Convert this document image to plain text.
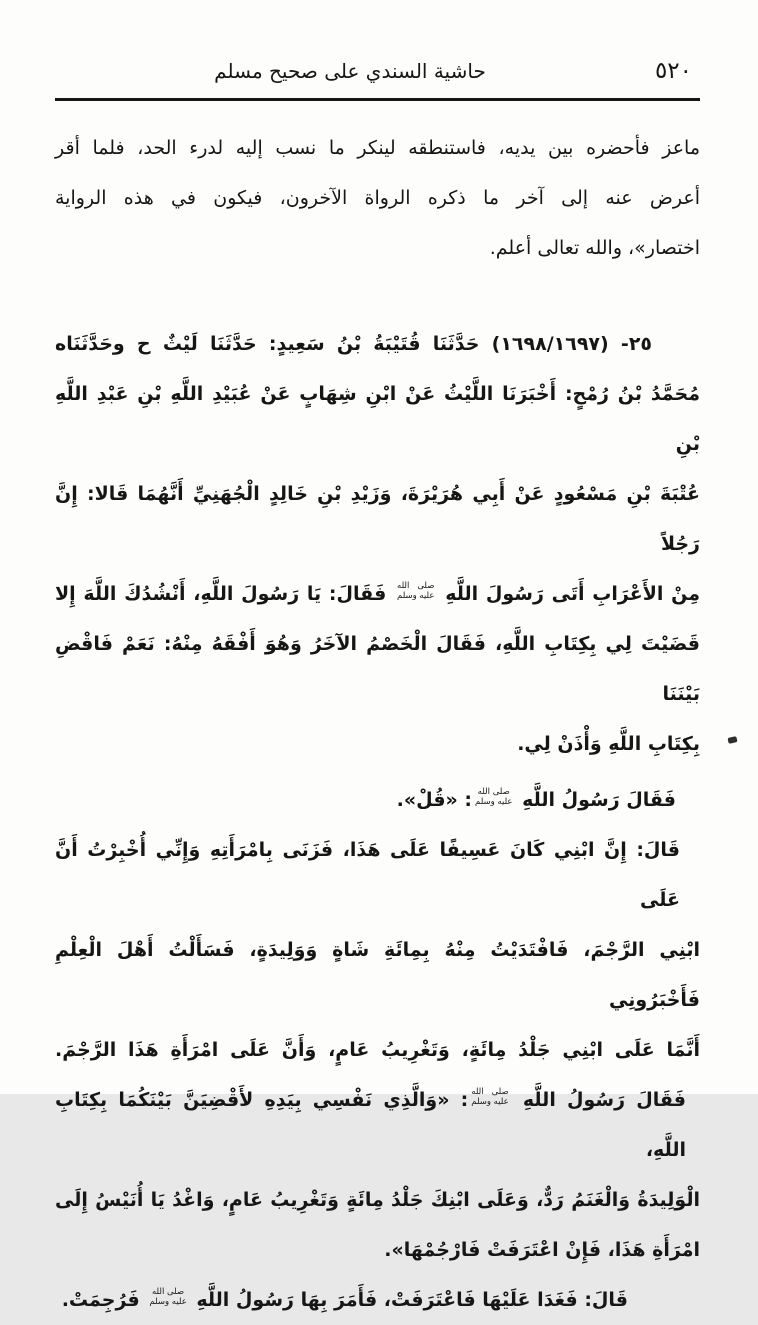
٥٢٠
حاشية السندي على صحيح مسلم
ماعز فأحضره بين يديه، فاستنطقه لينكر ما نسب إليه لدرء الحد، فلما أقر
أعرض عنه إلى آخر ما ذكره الرواة الآخرون، فيكون في هذه الرواية
اختصار»، والله تعالى أعلم.
٢٥- (١٦٩٨/١٦٩٧) حَدَّثَنَا قُتَيْبَةُ بْنُ سَعِيدٍ: حَدَّثَنَا لَيْثٌ ح وحَدَّثَنَاه
مُحَمَّدُ بْنُ رُمْحٍ: أَخْبَرَنَا اللَّيْثُ عَنْ ابْنِ شِهَابٍ عَنْ عُبَيْدِ اللَّهِ بْنِ عَبْدِ اللَّهِ بْنِ
عُتْبَةَ بْنِ مَسْعُودٍ عَنْ أَبِي هُرَيْرَةَ، وَزَيْدِ بْنِ خَالِدٍ الْجُهَنِيِّ أَنَّهُمَا قَالا: إِنَّ رَجُلاً
مِنْ الأَعْرَابِ أَتَى رَسُولَ اللَّهِ
صلى الله
عليه وسلم
فَقَالَ: يَا رَسُولَ اللَّهِ، أَنْشُدُكَ اللَّهَ إِلا
قَضَيْتَ لِي بِكِتَابِ اللَّهِ، فَقَالَ الْخَصْمُ الآخَرُ وَهُوَ أَفْقَهُ مِنْهُ: نَعَمْ فَاقْضِ بَيْنَنَا
بِكِتَابِ اللَّهِ وَأْذَنْ لِي.
فَقَالَ رَسُولُ اللَّهِ
صلى الله
عليه وسلم
: «قُلْ».
قَالَ: إِنَّ ابْنِي كَانَ عَسِيفًا عَلَى هَذَا، فَزَنَى بِامْرَأَتِهِ وَإِنِّي أُخْبِرْتُ أَنَّ عَلَى
ابْنِي الرَّجْمَ، فَافْتَدَيْتُ مِنْهُ بِمِائَةِ شَاةٍ وَوَلِيدَةٍ، فَسَأَلْتُ أَهْلَ الْعِلْمِ فَأَخْبَرُونِي
أَنَّمَا عَلَى ابْنِي جَلْدُ مِائَةٍ، وَتَغْرِيبُ عَامٍ، وَأَنَّ عَلَى امْرَأَةِ هَذَا الرَّجْمَ.
فَقَالَ رَسُولُ اللَّهِ
صلى الله
عليه وسلم
: «وَالَّذِي نَفْسِي بِيَدِهِ لأَقْضِيَنَّ بَيْنَكُمَا بِكِتَابِ اللَّهِ،
الْوَلِيدَةُ وَالْغَنَمُ رَدٌّ، وَعَلَى ابْنِكَ جَلْدُ مِائَةٍ وَتَغْرِيبُ عَامٍ، وَاغْدُ يَا أُنَيْسُ إِلَى
امْرَأَةِ هَذَا، فَإِنْ اعْتَرَفَتْ فَارْجُمْهَا».
قَالَ: فَغَدَا عَلَيْهَا فَاعْتَرَفَتْ، فَأَمَرَ بِهَا رَسُولُ اللَّهِ
صلى الله
عليه وسلم
فَرُجِمَتْ.
